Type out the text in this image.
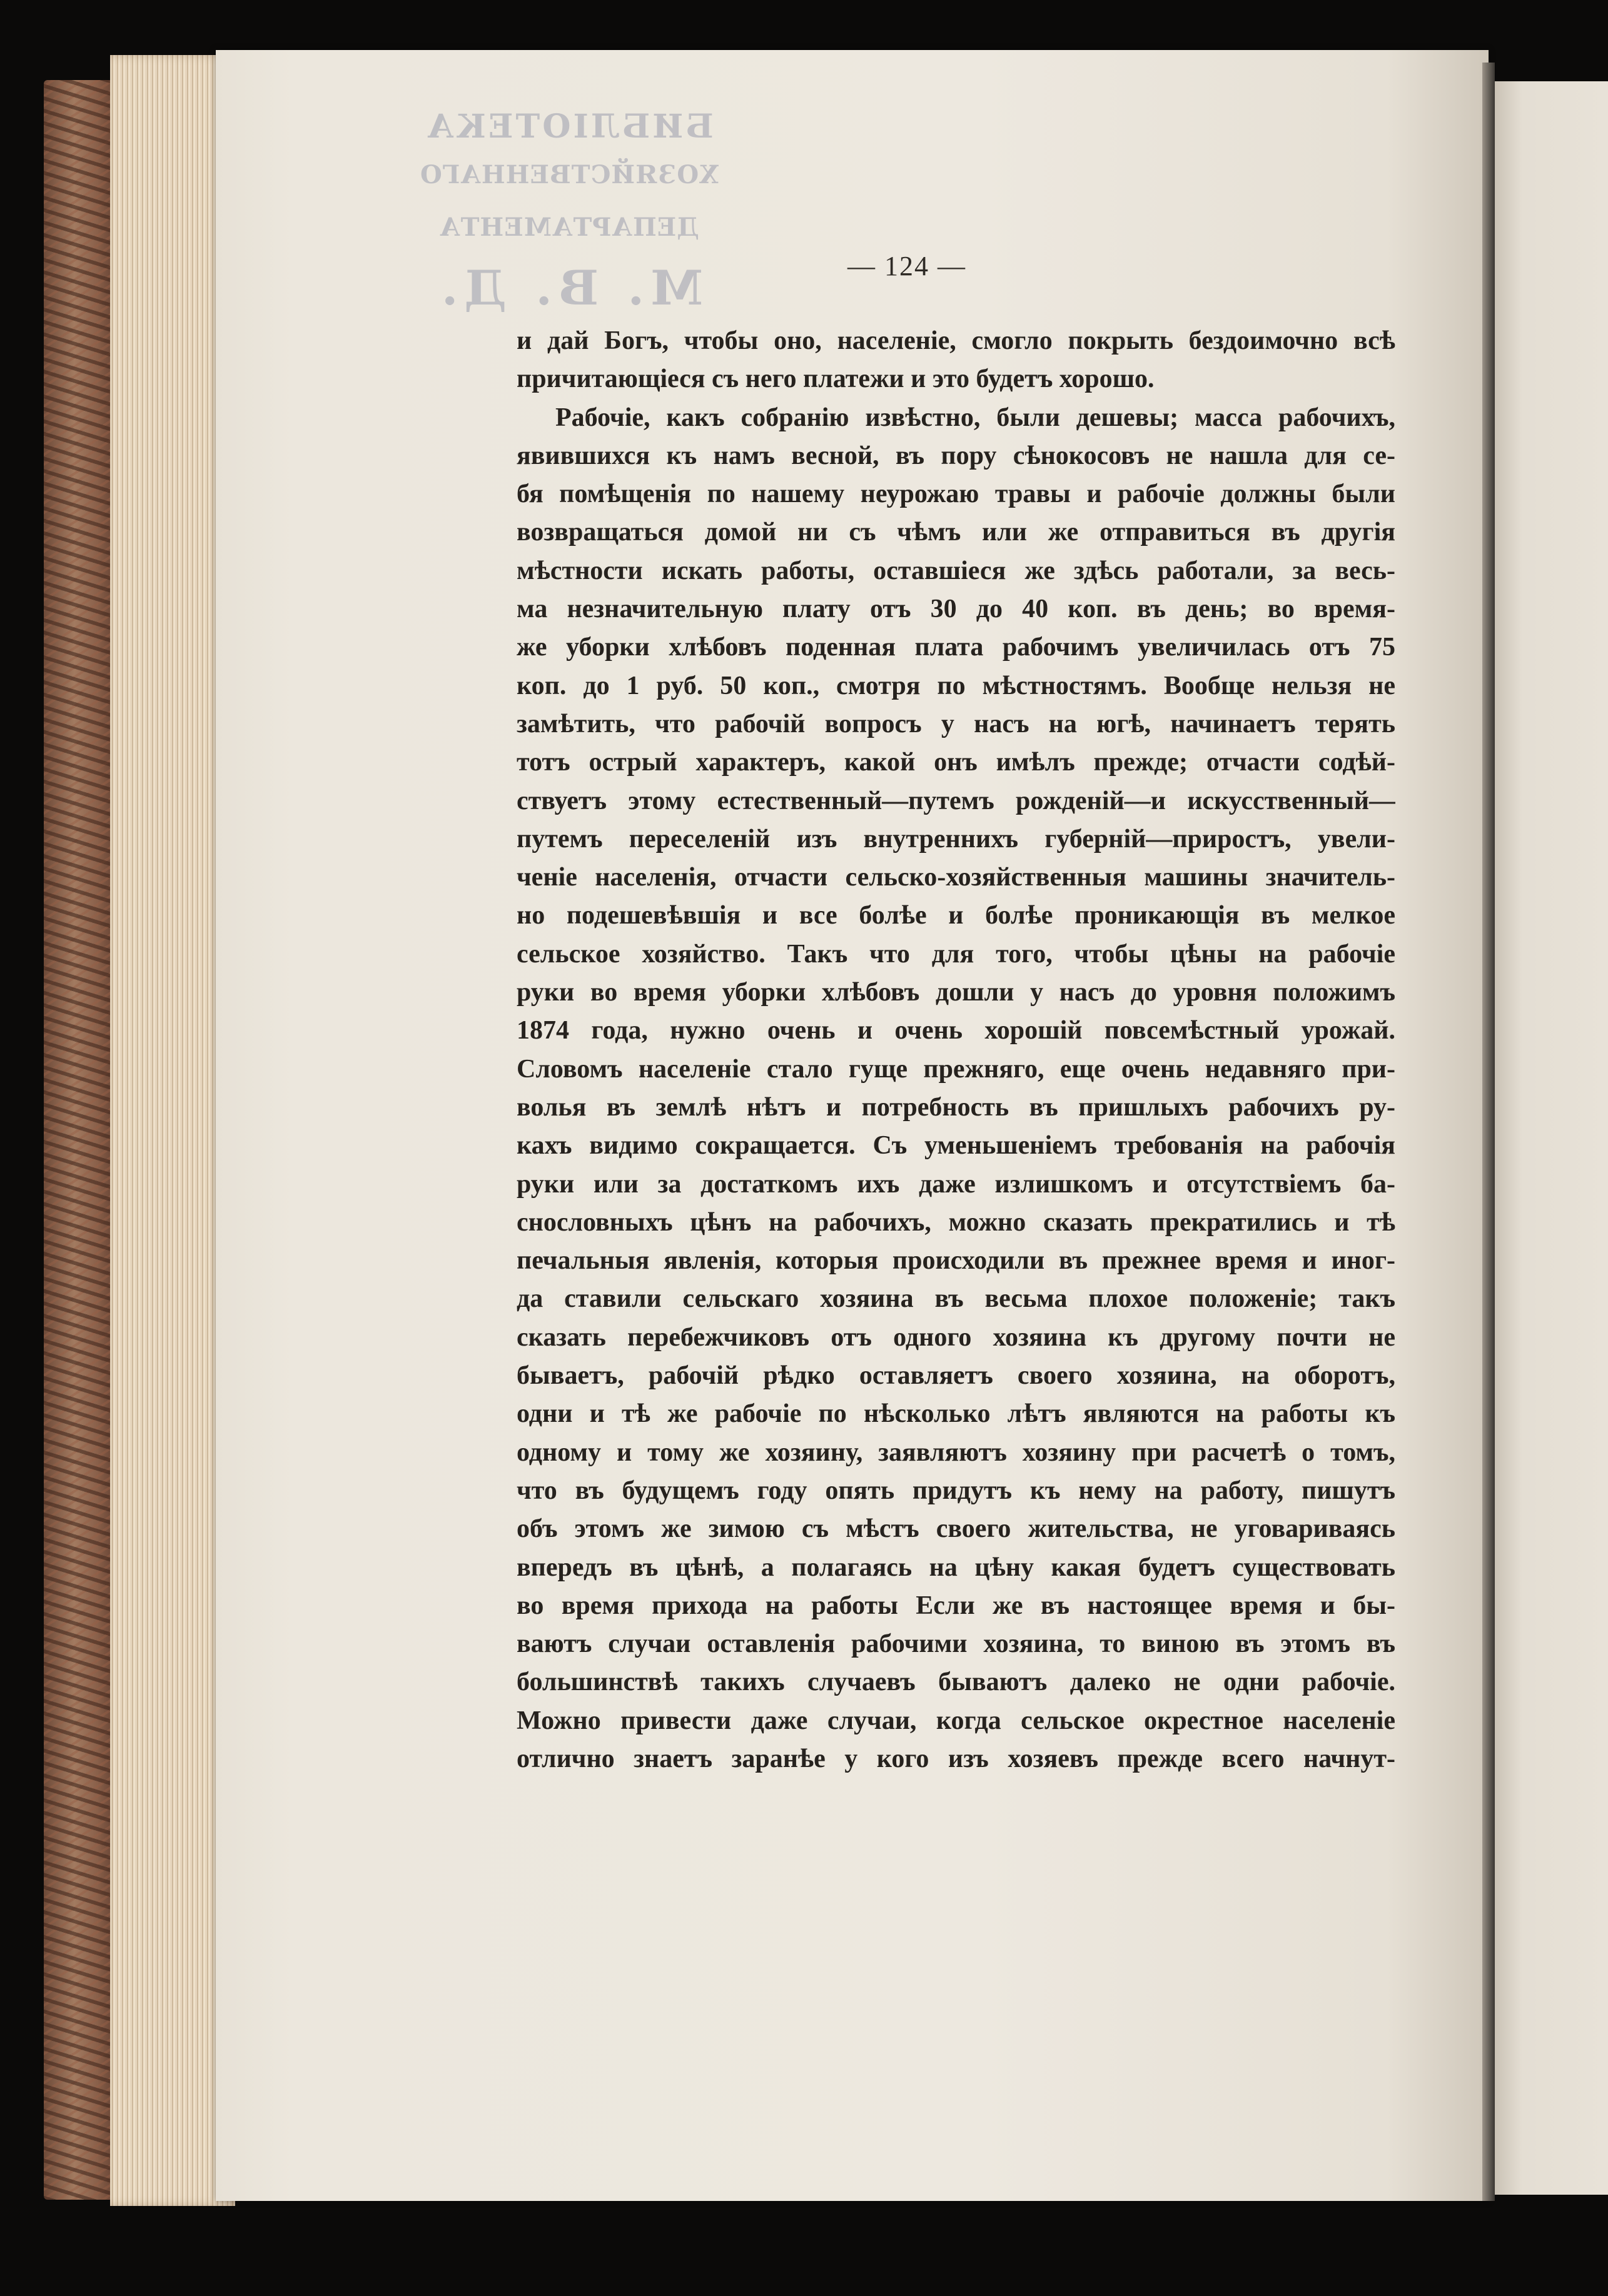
БИБЛІОТЕКА
ХОЗЯЙСТВЕННАГО ДЕПАРТАМЕНТА
М. В. Д.	— 124 —
и дай Богъ, чтобы оно, населеніе, смогло покрыть бездоимочно всѣ
причитающіеся съ него платежи и это будетъ хорошо.
Рабочіе, какъ собранію извѣстно, были дешевы; масса рабочихъ,
явившихся къ намъ весной, въ пору сѣнокосовъ не нашла для се-
бя помѣщенія по нашему неурожаю травы и рабочіе должны были
возвращаться домой ни съ чѣмъ или же отправиться въ другія
мѣстности искать работы, оставшіеся же здѣсь работали, за весь-
ма незначительную плату отъ 30 до 40 коп. въ день; во время-
же уборки хлѣбовъ поденная плата рабочимъ увеличилась отъ 75
коп. до 1 руб. 50 коп., смотря по мѣстностямъ. Вообще нельзя не
замѣтить, что рабочій вопросъ у насъ на югѣ, начинаетъ терять
тотъ острый характеръ, какой онъ имѣлъ прежде; отчасти содѣй-
ствуетъ этому естественный—путемъ рожденій—и искусственный—
путемъ переселеній изъ внутреннихъ губерній—приростъ, увели-
ченіе населенія, отчасти сельско-хозяйственныя машины значитель-
но подешевѣвшія и все болѣе и болѣе проникающія въ мелкое
сельское хозяйство. Такъ что для того, чтобы цѣны на рабочіе
руки во время уборки хлѣбовъ дошли у насъ до уровня положимъ
1874 года, нужно очень и очень хорошій повсемѣстный урожай.
Словомъ населеніе стало гуще прежняго, еще очень недавняго при-
волья въ землѣ нѣтъ и потребность въ пришлыхъ рабочихъ ру-
кахъ видимо сокращается. Съ уменьшеніемъ требованія на рабочія
руки или за достаткомъ ихъ даже излишкомъ и отсутствіемъ ба-
снословныхъ цѣнъ на рабочихъ, можно сказать прекратились и тѣ
печальныя явленія, которыя происходили въ прежнее время и иног-
да ставили сельскаго хозяина въ весьма плохое положеніе; такъ
сказать перебежчиковъ отъ одного хозяина къ другому почти не
бываетъ, рабочій рѣдко оставляетъ своего хозяина, на оборотъ,
одни и тѣ же рабочіе по нѣсколько лѣтъ являются на работы къ
одному и тому же хозяину, заявляютъ хозяину при расчетѣ о томъ,
что въ будущемъ году опять придутъ къ нему на работу, пишутъ
объ этомъ же зимою съ мѣстъ своего жительства, не уговариваясь
впередъ въ цѣнѣ, а полагаясь на цѣну какая будетъ существовать
во время прихода на работы Если же въ настоящее время и бы-
ваютъ случаи оставленія рабочими хозяина, то виною въ этомъ въ
большинствѣ такихъ случаевъ бываютъ далеко не одни рабочіе.
Можно привести даже случаи, когда сельское окрестное населеніе
отлично знаетъ заранѣе у кого изъ хозяевъ прежде всего начнут-
